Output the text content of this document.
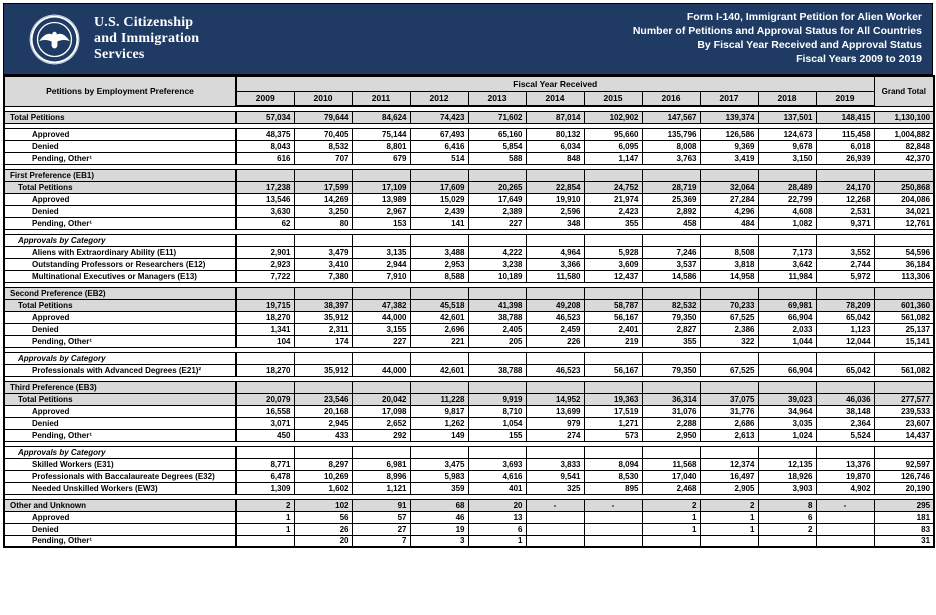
U.S. Citizenship
and Immigration
Services
Form I-140, Immigrant Petition for Alien Worker
Number of Petitions and Approval Status for All Countries
By Fiscal Year Received and Approval Status
Fiscal Years 2009 to 2019
Petitions by Employment Preference	Fiscal Year Received											Grand Total
	2009	2010	2011	2012	2013	2014	2015	2016	2017	2018	2019	

Total Petitions	57,034	79,644	84,624	74,423	71,602	87,014	102,902	147,567	139,374	137,501	148,415	1,130,100

Approved	48,375	70,405	75,144	67,493	65,160	80,132	95,660	135,796	126,586	124,673	115,458	1,004,882
Denied	8,043	8,532	8,801	6,416	5,854	6,034	6,095	8,008	9,369	9,678	6,018	82,848
Pending, Other¹	616	707	679	514	588	848	1,147	3,763	3,419	3,150	26,939	42,370

First Preference (EB1)												
Total Petitions	17,238	17,599	17,109	17,609	20,265	22,854	24,752	28,719	32,064	28,489	24,170	250,868
Approved	13,546	14,269	13,989	15,029	17,649	19,910	21,974	25,369	27,284	22,799	12,268	204,086
Denied	3,630	3,250	2,967	2,439	2,389	2,596	2,423	2,892	4,296	4,608	2,531	34,021
Pending, Other¹	62	80	153	141	227	348	355	458	484	1,082	9,371	12,761

Approvals by Category												
Aliens with Extraordinary Ability (E11)	2,901	3,479	3,135	3,488	4,222	4,964	5,928	7,246	8,508	7,173	3,552	54,596
Outstanding Professors or Researchers (E12)	2,923	3,410	2,944	2,953	3,238	3,366	3,609	3,537	3,818	3,642	2,744	36,184
Multinational Executives or Managers (E13)	7,722	7,380	7,910	8,588	10,189	11,580	12,437	14,586	14,958	11,984	5,972	113,306

Second Preference (EB2)												
Total Petitions	19,715	38,397	47,382	45,518	41,398	49,208	58,787	82,532	70,233	69,981	78,209	601,360
Approved	18,270	35,912	44,000	42,601	38,788	46,523	56,167	79,350	67,525	66,904	65,042	561,082
Denied	1,341	2,311	3,155	2,696	2,405	2,459	2,401	2,827	2,386	2,033	1,123	25,137
Pending, Other¹	104	174	227	221	205	226	219	355	322	1,044	12,044	15,141

Approvals by Category												
Professionals with Advanced Degrees (E21)²	18,270	35,912	44,000	42,601	38,788	46,523	56,167	79,350	67,525	66,904	65,042	561,082

Third Preference (EB3)												
Total Petitions	20,079	23,546	20,042	11,228	9,919	14,952	19,363	36,314	37,075	39,023	46,036	277,577
Approved	16,558	20,168	17,098	9,817	8,710	13,699	17,519	31,076	31,776	34,964	38,148	239,533
Denied	3,071	2,945	2,652	1,262	1,054	979	1,271	2,288	2,686	3,035	2,364	23,607
Pending, Other¹	450	433	292	149	155	274	573	2,950	2,613	1,024	5,524	14,437

Approvals by Category												
Skilled Workers (E31)	8,771	8,297	6,981	3,475	3,693	3,833	8,094	11,568	12,374	12,135	13,376	92,597
Professionals with Baccalaureate Degrees (E32)	6,478	10,269	8,996	5,983	4,616	9,541	8,530	17,040	16,497	18,926	19,870	126,746
Needed Unskilled Workers (EW3)	1,309	1,602	1,121	359	401	325	895	2,468	2,905	3,903	4,902	20,190

Other and Unknown	2	102	91	68	20	-	-	2	2	8	-	295
Approved	1	56	57	46	13			1	1	6		181
Denied	1	26	27	19	6			1	1	2		83
Pending, Other¹		20	7	3	1							31
